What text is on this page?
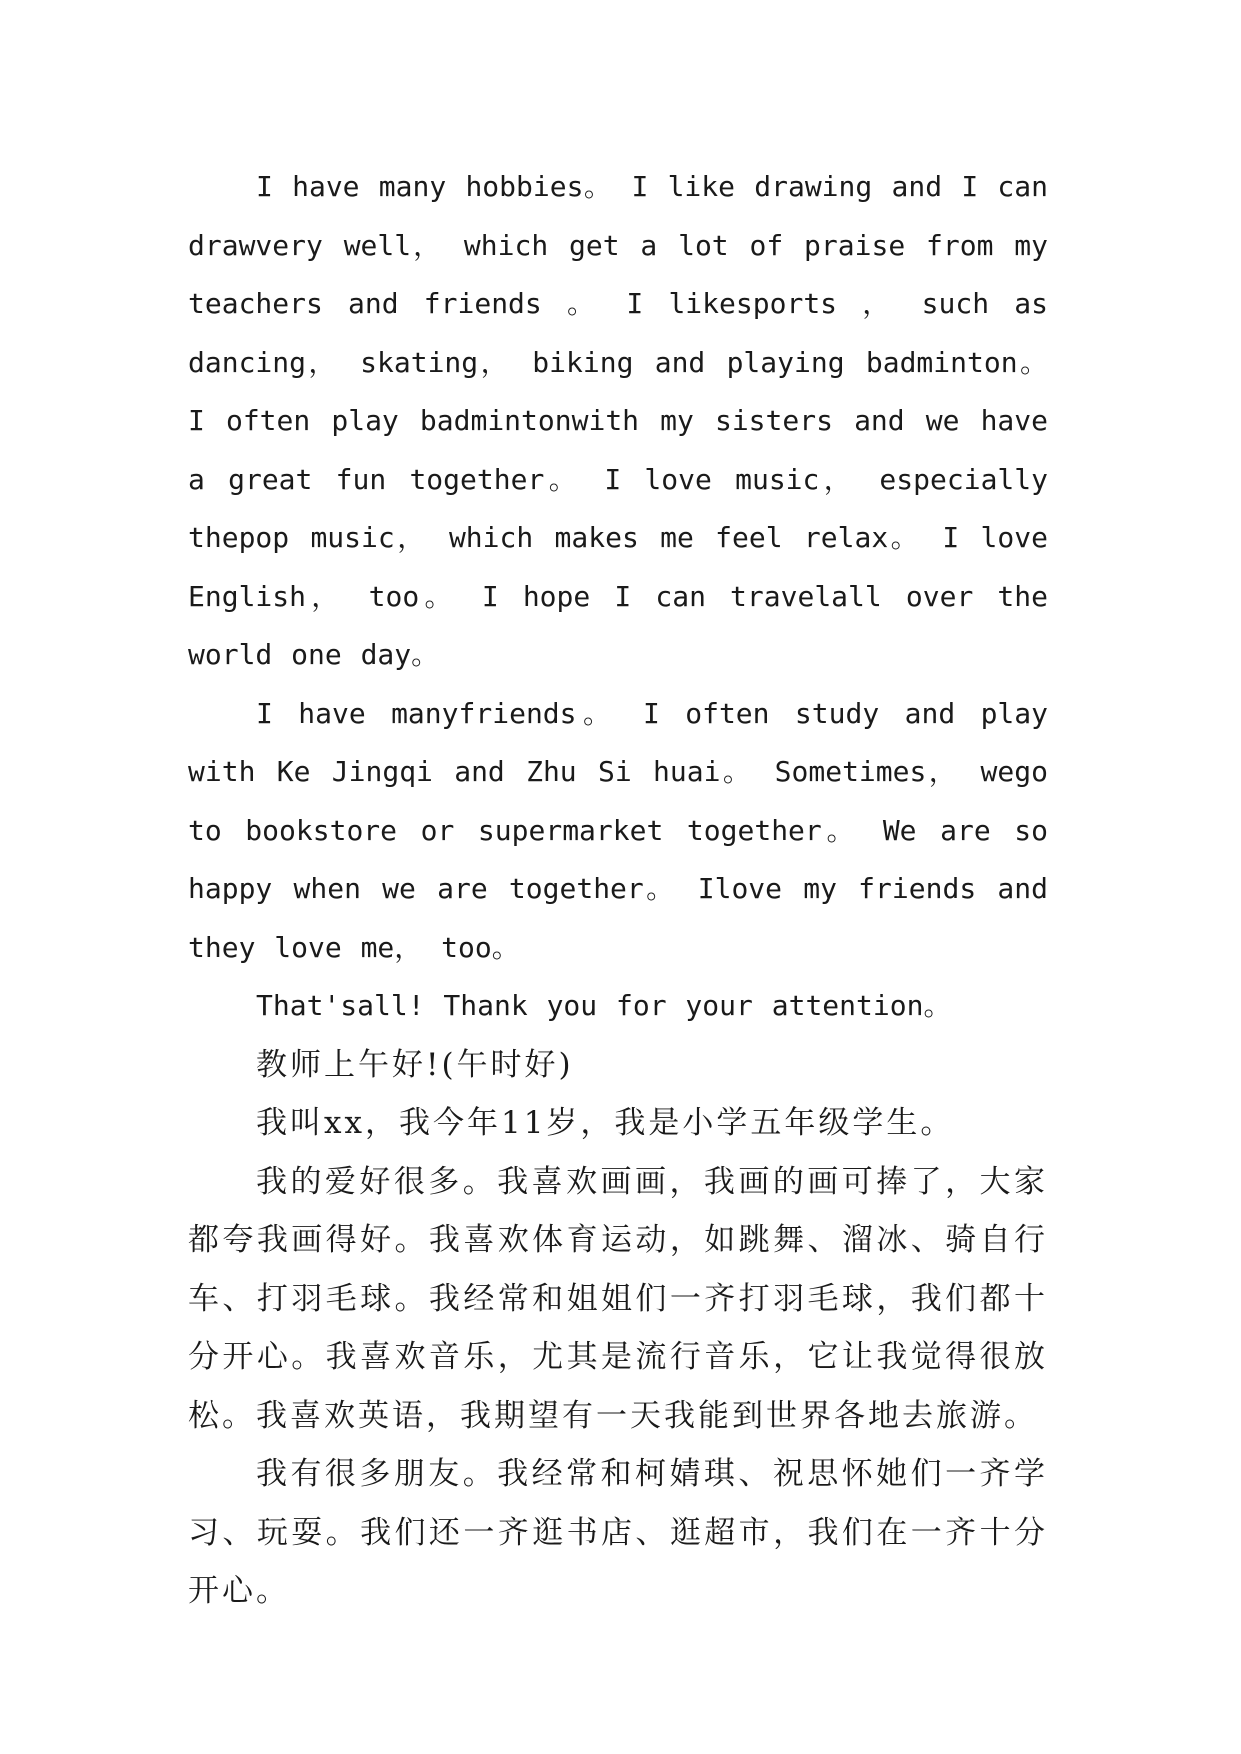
I have many hobbies。 I like drawing and I can drawvery well， which get a lot of praise from my teachers and friends 。 I likesports ， such as dancing， skating， biking and playing badminton。 I often play badmintonwith my sisters and we have a great fun together。 I love music， especially thepop music， which makes me feel relax。 I love English， too。 I hope I can travelall over the world one day。

I have manyfriends。 I often study and play with Ke Jingqi and Zhu Si huai。 Sometimes， wego to bookstore or supermarket together。 We are so happy when we are together。 Ilove my friends and they love me， too。

That'sall! Thank you for your attention。

教师上午好!(午时好)

我叫xx，我今年11岁，我是小学五年级学生。

我的爱好很多。我喜欢画画，我画的画可捧了，大家都夸我画得好。我喜欢体育运动，如跳舞、溜冰、骑自行车、打羽毛球。我经常和姐姐们一齐打羽毛球，我们都十分开心。我喜欢音乐，尤其是流行音乐，它让我觉得很放松。我喜欢英语，我期望有一天我能到世界各地去旅游。

我有很多朋友。我经常和柯婧琪、祝思怀她们一齐学习、玩耍。我们还一齐逛书店、逛超市，我们在一齐十分开心。
